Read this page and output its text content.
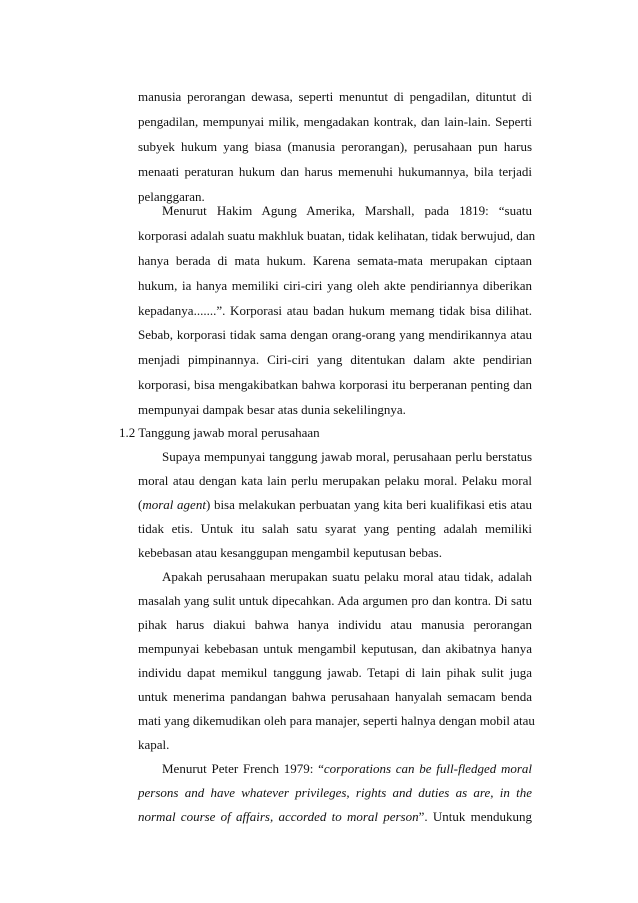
manusia perorangan dewasa, seperti menuntut di pengadilan, dituntut di
pengadilan, mempunyai milik, mengadakan kontrak, dan lain-lain. Seperti
subyek hukum yang biasa (manusia perorangan), perusahaan pun harus
menaati peraturan hukum dan harus memenuhi hukumannya, bila terjadi
pelanggaran.
Menurut Hakim Agung Amerika, Marshall, pada 1819: “suatu
korporasi adalah suatu makhluk buatan, tidak kelihatan, tidak berwujud, dan
hanya berada di mata hukum. Karena semata-mata merupakan ciptaan
hukum, ia hanya memiliki ciri-ciri yang oleh akte pendiriannya diberikan
kepadanya.......”. Korporasi atau badan hukum memang tidak bisa dilihat.
Sebab, korporasi tidak sama dengan orang-orang yang mendirikannya atau
menjadi pimpinannya. Ciri-ciri yang ditentukan dalam akte pendirian
korporasi, bisa mengakibatkan bahwa korporasi itu berperanan penting dan
mempunyai dampak besar atas dunia sekelilingnya.
1.2 Tanggung jawab moral perusahaan
Supaya mempunyai tanggung jawab moral, perusahaan perlu berstatus
moral atau dengan kata lain perlu merupakan pelaku moral. Pelaku moral
(moral agent) bisa melakukan perbuatan yang kita beri kualifikasi etis atau
tidak etis. Untuk itu salah satu syarat yang penting adalah memiliki
kebebasan atau kesanggupan mengambil keputusan bebas.
Apakah perusahaan merupakan suatu pelaku moral atau tidak, adalah
masalah yang sulit untuk dipecahkan. Ada argumen pro dan kontra. Di satu
pihak harus diakui bahwa hanya individu atau manusia perorangan
mempunyai kebebasan untuk mengambil keputusan, dan akibatnya hanya
individu dapat memikul tanggung jawab. Tetapi di lain pihak sulit juga
untuk menerima pandangan bahwa perusahaan hanyalah semacam benda
mati yang dikemudikan oleh para manajer, seperti halnya dengan mobil atau
kapal.
Menurut Peter French 1979: “corporations can be full-fledged moral
persons and have whatever privileges, rights and duties as are, in the
normal course of affairs, accorded to moral person”. Untuk mendukung
